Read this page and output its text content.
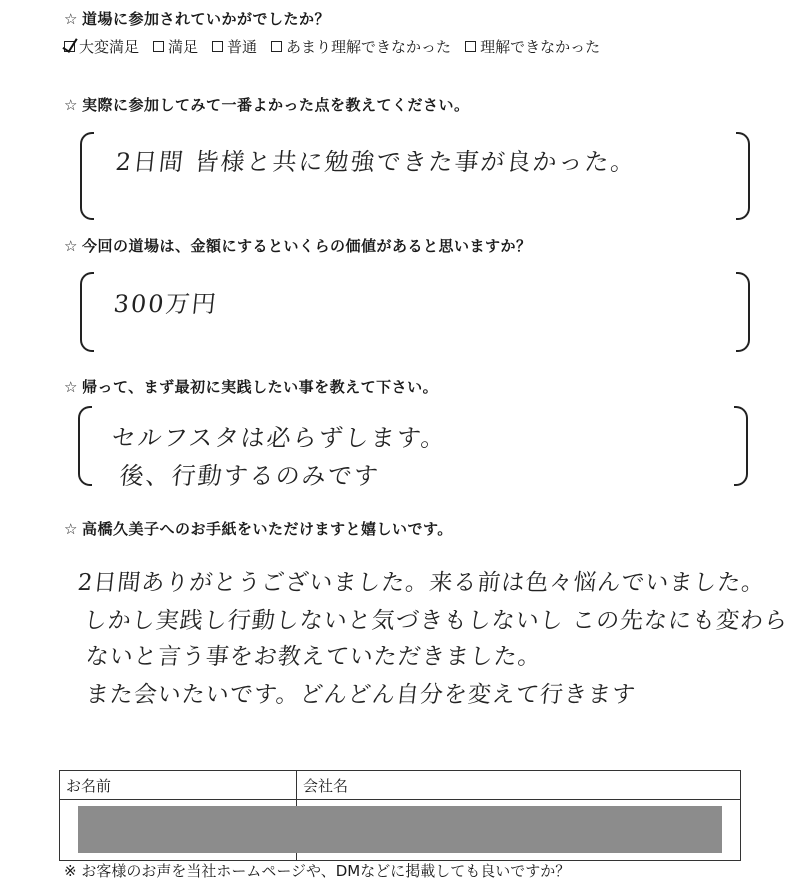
☆ 道場に参加されていかがでしたか？
大変満足 満足 普通 あまり理解できなかった 理解できなかった
☆ 実際に参加してみて一番よかった点を教えてください。
2日間 皆様と共に勉強できた事が良かった。
☆ 今回の道場は、金額にするといくらの価値があると思いますか？
300万円
☆ 帰って、まず最初に実践したい事を教えて下さい。
セルフスタは必らずします。
後、行動するのみです
☆ 高橋久美子へのお手紙をいただけますと嬉しいです。
2日間ありがとうございました。来る前は色々悩んでいました。
しかし実践し行動しないと気づきもしないし この先なにも変わら
ないと言う事をお教えていただきました。
また会いたいです。どんどん自分を変えて行きます
お名前	会社名

※ お客様のお声を当社ホームページや、DMなどに掲載しても良いですか？
